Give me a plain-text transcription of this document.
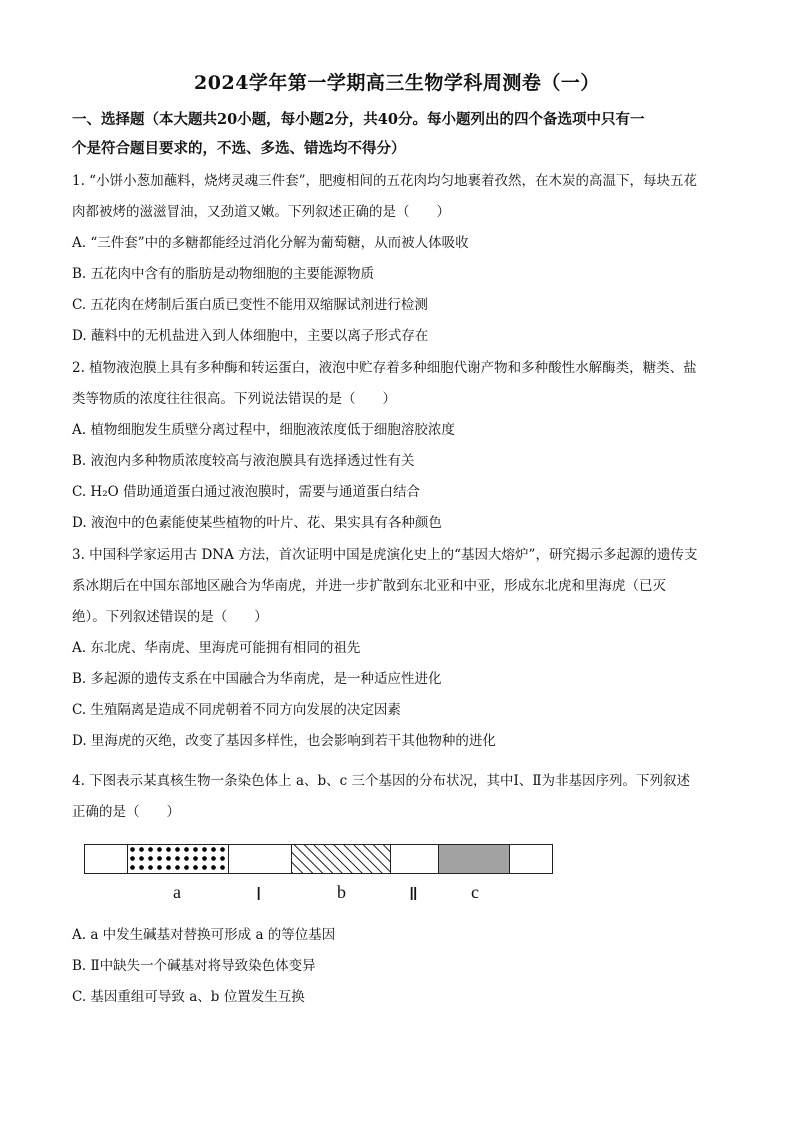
2024学年第一学期高三生物学科周测卷（一）
一、选择题（本大题共20小题，每小题2分，共40分。每小题列出的四个备选项中只有一
个是符合题目要求的，不选、多选、错选均不得分）
1. “小饼小葱加蘸料，烧烤灵魂三件套”，肥瘦相间的五花肉均匀地裹着孜然，在木炭的高温下，每块五花
肉都被烤的滋滋冒油，又劲道又嫩。下列叙述正确的是（　　）
A. “三件套”中的多糖都能经过消化分解为葡萄糖，从而被人体吸收
B. 五花肉中含有的脂肪是动物细胞的主要能源物质
C. 五花肉在烤制后蛋白质已变性不能用双缩脲试剂进行检测
D. 蘸料中的无机盐进入到人体细胞中，主要以离子形式存在
2. 植物液泡膜上具有多种酶和转运蛋白，液泡中贮存着多种细胞代谢产物和多种酸性水解酶类，糖类、盐
类等物质的浓度往往很高。下列说法错误的是（　　）
A. 植物细胞发生质壁分离过程中，细胞液浓度低于细胞溶胶浓度
B. 液泡内多种物质浓度较高与液泡膜具有选择透过性有关
C. H₂O 借助通道蛋白通过液泡膜时，需要与通道蛋白结合
D. 液泡中的色素能使某些植物的叶片、花、果实具有各种颜色
3. 中国科学家运用古 DNA 方法，首次证明中国是虎演化史上的“基因大熔炉”，研究揭示多起源的遗传支
系冰期后在中国东部地区融合为华南虎，并进一步扩散到东北亚和中亚，形成东北虎和里海虎（已灭
绝）。下列叙述错误的是（　　）
A. 东北虎、华南虎、里海虎可能拥有相同的祖先
B. 多起源的遗传支系在中国融合为华南虎，是一种适应性进化
C. 生殖隔离是造成不同虎朝着不同方向发展的决定因素
D. 里海虎的灭绝，改变了基因多样性，也会影响到若干其他物种的进化
4. 下图表示某真核生物一条染色体上 a、b、c 三个基因的分布状况，其中Ⅰ、Ⅱ为非基因序列。下列叙述
正确的是（　　）
a	Ⅰ	b	Ⅱ	c
A. a 中发生碱基对替换可形成 a 的等位基因
B. Ⅱ中缺失一个碱基对将导致染色体变异
C. 基因重组可导致 a、b 位置发生互换
